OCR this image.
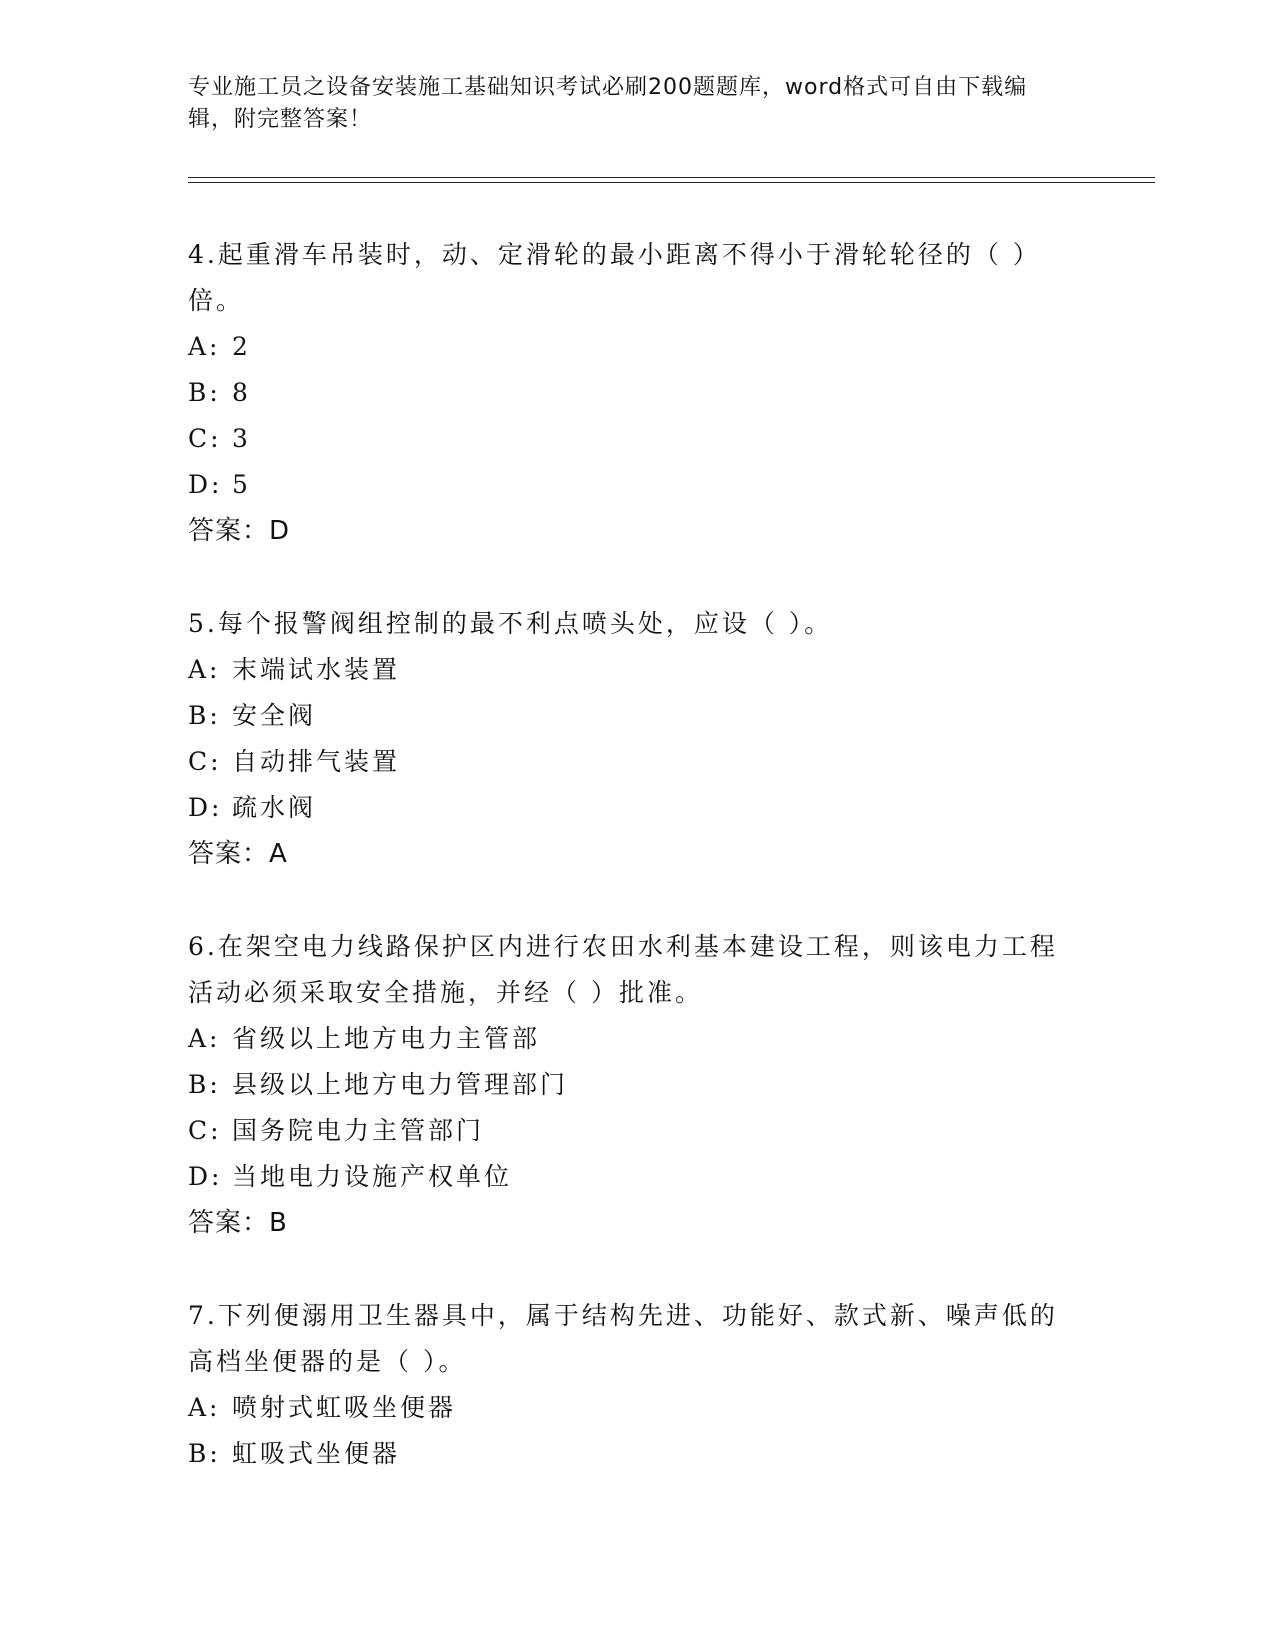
专业施工员之设备安装施工基础知识考试必刷200题题库，word格式可自由下载编辑，附完整答案！
4.起重滑车吊装时，动、定滑轮的最小距离不得小于滑轮轮径的（ ）倍。
A: 2
B: 8
C: 3
D: 5
答案：D
5.每个报警阀组控制的最不利点喷头处，应设（ ）。
A: 末端试水装置
B: 安全阀
C: 自动排气装置
D: 疏水阀
答案：A
6.在架空电力线路保护区内进行农田水利基本建设工程，则该电力工程活动必须采取安全措施，并经（ ）批准。
A: 省级以上地方电力主管部
B: 县级以上地方电力管理部门
C: 国务院电力主管部门
D: 当地电力设施产权单位
答案：B
7.下列便溺用卫生器具中，属于结构先进、功能好、款式新、噪声低的高档坐便器的是（ ）。
A: 喷射式虹吸坐便器
B: 虹吸式坐便器
